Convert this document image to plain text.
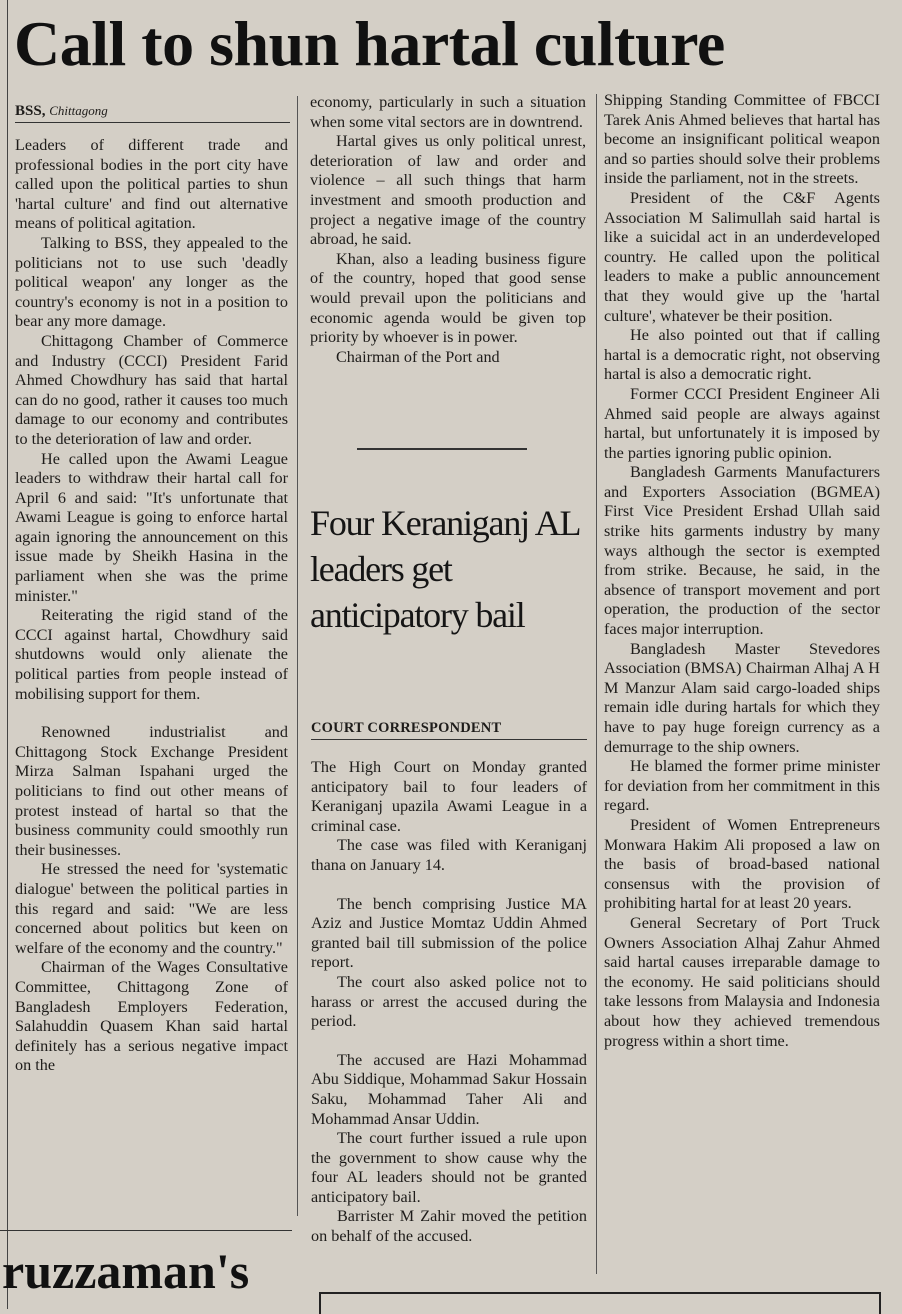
Call to shun hartal culture
BSS, Chittagong

Leaders of different trade and professional bodies in the port city have called upon the political parties to shun 'hartal culture' and find out alternative means of political agitation.

Talking to BSS, they appealed to the politicians not to use such 'deadly political weapon' any longer as the country's economy is not in a position to bear any more damage.

Chittagong Chamber of Commerce and Industry (CCCI) President Farid Ahmed Chowdhury has said that hartal can do no good, rather it causes too much damage to our economy and contributes to the deterioration of law and order.

He called upon the Awami League leaders to withdraw their hartal call for April 6 and said: "It's unfortunate that Awami League is going to enforce hartal again ignoring the announcement on this issue made by Sheikh Hasina in the parliament when she was the prime minister."

Reiterating the rigid stand of the CCCI against hartal, Chowdhury said shutdowns would only alienate the political parties from people instead of mobilising support for them.

Renowned industrialist and Chittagong Stock Exchange President Mirza Salman Ispahani urged the politicians to find out other means of protest instead of hartal so that the business community could smoothly run their businesses.

He stressed the need for 'systematic dialogue' between the political parties in this regard and said: "We are less concerned about politics but keen on welfare of the economy and the country."

Chairman of the Wages Consultative Committee, Chittagong Zone of Bangladesh Employers Federation, Salahuddin Quasem Khan said hartal definitely has a serious negative impact on the

economy, particularly in such a situation when some vital sectors are in downtrend.

Hartal gives us only political unrest, deterioration of law and order and violence – all such things that harm investment and smooth production and project a negative image of the country abroad, he said.

Khan, also a leading business figure of the country, hoped that good sense would prevail upon the politicians and economic agenda would be given top priority by whoever is in power.

Chairman of the Port and

Four Keraniganj AL leaders get anticipatory bail
COURT CORRESPONDENT

The High Court on Monday granted anticipatory bail to four leaders of Keraniganj upazila Awami League in a criminal case.

The case was filed with Keraniganj thana on January 14.

The bench comprising Justice MA Aziz and Justice Momtaz Uddin Ahmed granted bail till submission of the police report.

The court also asked police not to harass or arrest the accused during the period.

The accused are Hazi Mohammad Abu Siddique, Mohammad Sakur Hossain Saku, Mohammad Taher Ali and Mohammad Ansar Uddin.

The court further issued a rule upon the government to show cause why the four AL leaders should not be granted anticipatory bail.

Barrister M Zahir moved the petition on behalf of the accused.

Shipping Standing Committee of FBCCI Tarek Anis Ahmed believes that hartal has become an insignificant political weapon and so parties should solve their problems inside the parliament, not in the streets.

President of the C&F Agents Association M Salimullah said hartal is like a suicidal act in an underdeveloped country. He called upon the political leaders to make a public announcement that they would give up the 'hartal culture', whatever be their position.

He also pointed out that if calling hartal is a democratic right, not observing hartal is also a democratic right.

Former CCCI President Engineer Ali Ahmed said people are always against hartal, but unfortunately it is imposed by the parties ignoring public opinion.

Bangladesh Garments Manufacturers and Exporters Association (BGMEA) First Vice President Ershad Ullah said strike hits garments industry by many ways although the sector is exempted from strike. Because, he said, in the absence of transport movement and port operation, the production of the sector faces major interruption.

Bangladesh Master Stevedores Association (BMSA) Chairman Alhaj A H M Manzur Alam said cargo-loaded ships remain idle during hartals for which they have to pay huge foreign currency as a demurrage to the ship owners.

He blamed the former prime minister for deviation from her commitment in this regard.

President of Women Entrepreneurs Monwara Hakim Ali proposed a law on the basis of broad-based national consensus with the provision of prohibiting hartal for at least 20 years.

General Secretary of Port Truck Owners Association Alhaj Zahur Ahmed said hartal causes irreparable damage to the economy. He said politicians should take lessons from Malaysia and Indonesia about how they achieved tremendous progress within a short time.

ruzzaman's
